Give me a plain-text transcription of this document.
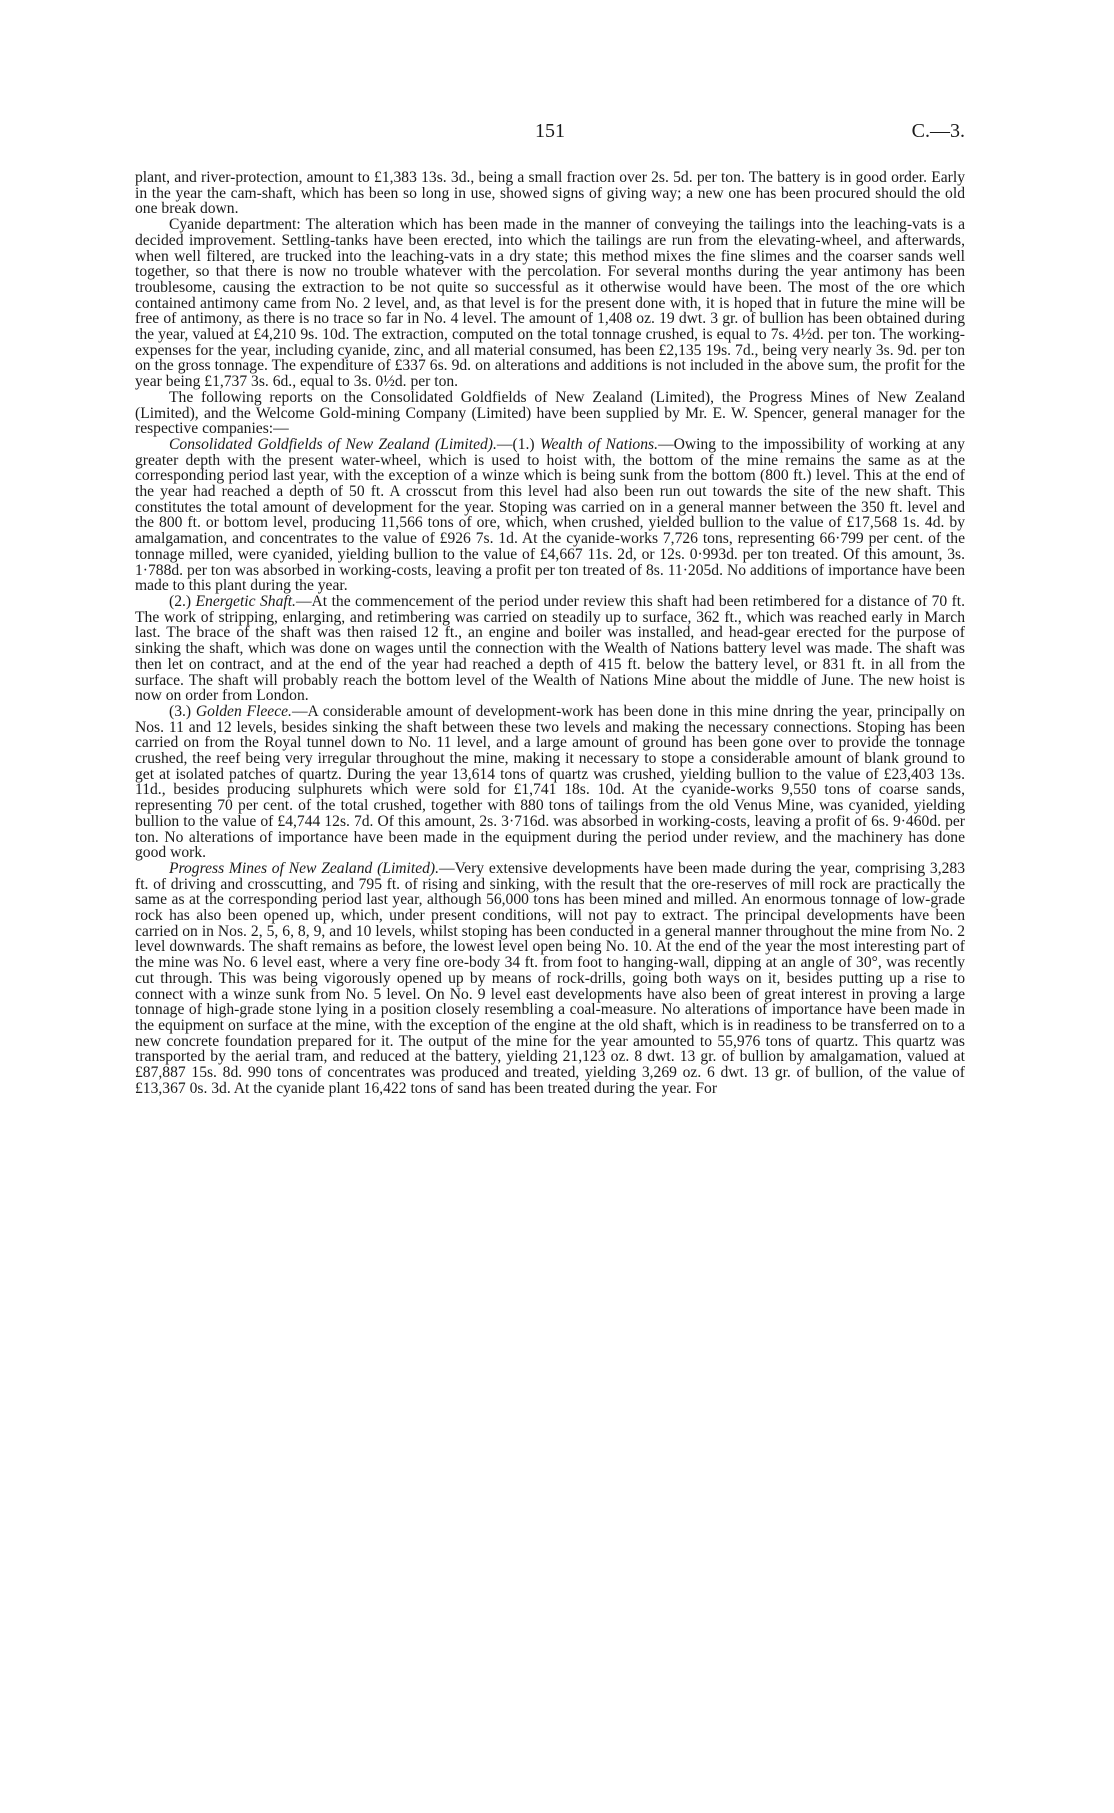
151	C.—3.

plant, and river-protection, amount to £1,383 13s. 3d., being a small fraction over 2s. 5d. per ton. The battery is in good order. Early in the year the cam-shaft, which has been so long in use, showed signs of giving way; a new one has been procured should the old one break down.

Cyanide department: The alteration which has been made in the manner of conveying the tailings into the leaching-vats is a decided improvement. Settling-tanks have been erected, into which the tailings are run from the elevating-wheel, and afterwards, when well filtered, are trucked into the leaching-vats in a dry state; this method mixes the fine slimes and the coarser sands well together, so that there is now no trouble whatever with the percolation. For several months during the year antimony has been troublesome, causing the extraction to be not quite so successful as it otherwise would have been. The most of the ore which contained antimony came from No. 2 level, and, as that level is for the present done with, it is hoped that in future the mine will be free of antimony, as there is no trace so far in No. 4 level. The amount of 1,408 oz. 19 dwt. 3 gr. of bullion has been obtained during the year, valued at £4,210 9s. 10d. The extraction, computed on the total tonnage crushed, is equal to 7s. 4½d. per ton. The working-expenses for the year, including cyanide, zinc, and all material consumed, has been £2,135 19s. 7d., being very nearly 3s. 9d. per ton on the gross tonnage. The expenditure of £337 6s. 9d. on alterations and additions is not included in the above sum, the profit for the year being £1,737 3s. 6d., equal to 3s. 0½d. per ton.

The following reports on the Consolidated Goldfields of New Zealand (Limited), the Progress Mines of New Zealand (Limited), and the Welcome Gold-mining Company (Limited) have been supplied by Mr. E. W. Spencer, general manager for the respective companies:—

Consolidated Goldfields of New Zealand (Limited).—(1.) Wealth of Nations.—Owing to the impossibility of working at any greater depth with the present water-wheel, which is used to hoist with, the bottom of the mine remains the same as at the corresponding period last year, with the exception of a winze which is being sunk from the bottom (800 ft.) level. This at the end of the year had reached a depth of 50 ft. A crosscut from this level had also been run out towards the site of the new shaft. This constitutes the total amount of development for the year. Stoping was carried on in a general manner between the 350 ft. level and the 800 ft. or bottom level, producing 11,566 tons of ore, which, when crushed, yielded bullion to the value of £17,568 1s. 4d. by amalgamation, and concentrates to the value of £926 7s. 1d. At the cyanide-works 7,726 tons, representing 66·799 per cent. of the tonnage milled, were cyanided, yielding bullion to the value of £4,667 11s. 2d, or 12s. 0·993d. per ton treated. Of this amount, 3s. 1·788d. per ton was absorbed in working-costs, leaving a profit per ton treated of 8s. 11·205d. No additions of importance have been made to this plant during the year.

(2.) Energetic Shaft.—At the commencement of the period under review this shaft had been retimbered for a distance of 70 ft. The work of stripping, enlarging, and retimbering was carried on steadily up to surface, 362 ft., which was reached early in March last. The brace of the shaft was then raised 12 ft., an engine and boiler was installed, and head-gear erected for the purpose of sinking the shaft, which was done on wages until the connection with the Wealth of Nations battery level was made. The shaft was then let on contract, and at the end of the year had reached a depth of 415 ft. below the battery level, or 831 ft. in all from the surface. The shaft will probably reach the bottom level of the Wealth of Nations Mine about the middle of June. The new hoist is now on order from London.

(3.) Golden Fleece.—A considerable amount of development-work has been done in this mine dnring the year, principally on Nos. 11 and 12 levels, besides sinking the shaft between these two levels and making the necessary connections. Stoping has been carried on from the Royal tunnel down to No. 11 level, and a large amount of ground has been gone over to provide the tonnage crushed, the reef being very irregular throughout the mine, making it necessary to stope a considerable amount of blank ground to get at isolated patches of quartz. During the year 13,614 tons of quartz was crushed, yielding bullion to the value of £23,403 13s. 11d., besides producing sulphurets which were sold for £1,741 18s. 10d. At the cyanide-works 9,550 tons of coarse sands, representing 70 per cent. of the total crushed, together with 880 tons of tailings from the old Venus Mine, was cyanided, yielding bullion to the value of £4,744 12s. 7d. Of this amount, 2s. 3·716d. was absorbed in working-costs, leaving a profit of 6s. 9·460d. per ton. No alterations of importance have been made in the equipment during the period under review, and the machinery has done good work.

Progress Mines of New Zealand (Limited).—Very extensive developments have been made during the year, comprising 3,283 ft. of driving and crosscutting, and 795 ft. of rising and sinking, with the result that the ore-reserves of mill rock are practically the same as at the corresponding period last year, although 56,000 tons has been mined and milled. An enormous tonnage of low-grade rock has also been opened up, which, under present conditions, will not pay to extract. The principal developments have been carried on in Nos. 2, 5, 6, 8, 9, and 10 levels, whilst stoping has been conducted in a general manner throughout the mine from No. 2 level downwards. The shaft remains as before, the lowest level open being No. 10. At the end of the year the most interesting part of the mine was No. 6 level east, where a very fine ore-body 34 ft. from foot to hanging-wall, dipping at an angle of 30°, was recently cut through. This was being vigorously opened up by means of rock-drills, going both ways on it, besides putting up a rise to connect with a winze sunk from No. 5 level. On No. 9 level east developments have also been of great interest in proving a large tonnage of high-grade stone lying in a position closely resembling a coal-measure. No alterations of importance have been made in the equipment on surface at the mine, with the exception of the engine at the old shaft, which is in readiness to be transferred on to a new concrete foundation prepared for it. The output of the mine for the year amounted to 55,976 tons of quartz. This quartz was transported by the aerial tram, and reduced at the battery, yielding 21,123 oz. 8 dwt. 13 gr. of bullion by amalgamation, valued at £87,887 15s. 8d. 990 tons of concentrates was produced and treated, yielding 3,269 oz. 6 dwt. 13 gr. of bullion, of the value of £13,367 0s. 3d. At the cyanide plant 16,422 tons of sand has been treated during the year. For
